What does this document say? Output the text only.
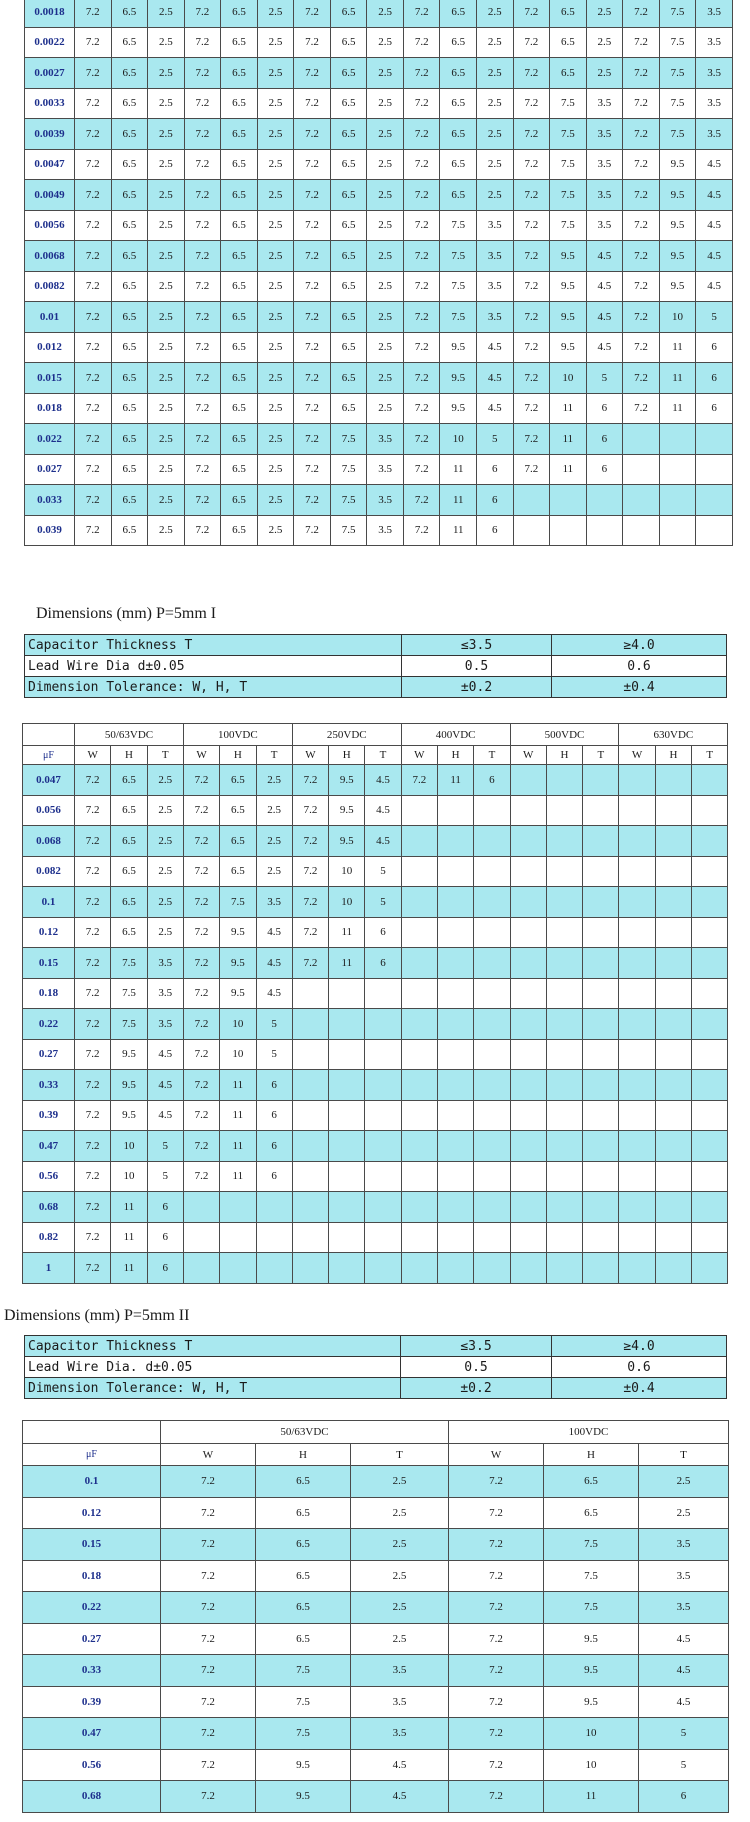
0.0018	7.2	6.5	2.5	7.2	6.5	2.5	7.2	6.5	2.5	7.2	6.5	2.5	7.2	6.5	2.5	7.2	7.5	3.5
0.0022	7.2	6.5	2.5	7.2	6.5	2.5	7.2	6.5	2.5	7.2	6.5	2.5	7.2	6.5	2.5	7.2	7.5	3.5
0.0027	7.2	6.5	2.5	7.2	6.5	2.5	7.2	6.5	2.5	7.2	6.5	2.5	7.2	6.5	2.5	7.2	7.5	3.5
0.0033	7.2	6.5	2.5	7.2	6.5	2.5	7.2	6.5	2.5	7.2	6.5	2.5	7.2	7.5	3.5	7.2	7.5	3.5
0.0039	7.2	6.5	2.5	7.2	6.5	2.5	7.2	6.5	2.5	7.2	6.5	2.5	7.2	7.5	3.5	7.2	7.5	3.5
0.0047	7.2	6.5	2.5	7.2	6.5	2.5	7.2	6.5	2.5	7.2	6.5	2.5	7.2	7.5	3.5	7.2	9.5	4.5
0.0049	7.2	6.5	2.5	7.2	6.5	2.5	7.2	6.5	2.5	7.2	6.5	2.5	7.2	7.5	3.5	7.2	9.5	4.5
0.0056	7.2	6.5	2.5	7.2	6.5	2.5	7.2	6.5	2.5	7.2	7.5	3.5	7.2	7.5	3.5	7.2	9.5	4.5
0.0068	7.2	6.5	2.5	7.2	6.5	2.5	7.2	6.5	2.5	7.2	7.5	3.5	7.2	9.5	4.5	7.2	9.5	4.5
0.0082	7.2	6.5	2.5	7.2	6.5	2.5	7.2	6.5	2.5	7.2	7.5	3.5	7.2	9.5	4.5	7.2	9.5	4.5
0.01	7.2	6.5	2.5	7.2	6.5	2.5	7.2	6.5	2.5	7.2	7.5	3.5	7.2	9.5	4.5	7.2	10	5
0.012	7.2	6.5	2.5	7.2	6.5	2.5	7.2	6.5	2.5	7.2	9.5	4.5	7.2	9.5	4.5	7.2	11	6
0.015	7.2	6.5	2.5	7.2	6.5	2.5	7.2	6.5	2.5	7.2	9.5	4.5	7.2	10	5	7.2	11	6
0.018	7.2	6.5	2.5	7.2	6.5	2.5	7.2	6.5	2.5	7.2	9.5	4.5	7.2	11	6	7.2	11	6
0.022	7.2	6.5	2.5	7.2	6.5	2.5	7.2	7.5	3.5	7.2	10	5	7.2	11	6			
0.027	7.2	6.5	2.5	7.2	6.5	2.5	7.2	7.5	3.5	7.2	11	6	7.2	11	6			
0.033	7.2	6.5	2.5	7.2	6.5	2.5	7.2	7.5	3.5	7.2	11	6						
0.039	7.2	6.5	2.5	7.2	6.5	2.5	7.2	7.5	3.5	7.2	11	6						
Dimensions (mm) P=5mm I
Capacitor Thickness T	≤3.5	≥4.0
Lead Wire Dia d±0.05	0.5	0.6
Dimension Tolerance: W, H, T	±0.2	±0.4
	50/63VDC			100VDC			250VDC			400VDC			500VDC			630VDC		
μF	W	H	T	W	H	T	W	H	T	W	H	T	W	H	T	W	H	T
0.047	7.2	6.5	2.5	7.2	6.5	2.5	7.2	9.5	4.5	7.2	11	6						
0.056	7.2	6.5	2.5	7.2	6.5	2.5	7.2	9.5	4.5									
0.068	7.2	6.5	2.5	7.2	6.5	2.5	7.2	9.5	4.5									
0.082	7.2	6.5	2.5	7.2	6.5	2.5	7.2	10	5									
0.1	7.2	6.5	2.5	7.2	7.5	3.5	7.2	10	5									
0.12	7.2	6.5	2.5	7.2	9.5	4.5	7.2	11	6									
0.15	7.2	7.5	3.5	7.2	9.5	4.5	7.2	11	6									
0.18	7.2	7.5	3.5	7.2	9.5	4.5												
0.22	7.2	7.5	3.5	7.2	10	5												
0.27	7.2	9.5	4.5	7.2	10	5												
0.33	7.2	9.5	4.5	7.2	11	6												
0.39	7.2	9.5	4.5	7.2	11	6												
0.47	7.2	10	5	7.2	11	6												
0.56	7.2	10	5	7.2	11	6												
0.68	7.2	11	6															
0.82	7.2	11	6															
1	7.2	11	6															
Dimensions (mm) P=5mm II
Capacitor Thickness T	≤3.5	≥4.0
Lead Wire Dia. d±0.05	0.5	0.6
Dimension Tolerance: W, H, T	±0.2	±0.4
	50/63VDC			100VDC		
μF	W	H	T	W	H	T
0.1	7.2	6.5	2.5	7.2	6.5	2.5
0.12	7.2	6.5	2.5	7.2	6.5	2.5
0.15	7.2	6.5	2.5	7.2	7.5	3.5
0.18	7.2	6.5	2.5	7.2	7.5	3.5
0.22	7.2	6.5	2.5	7.2	7.5	3.5
0.27	7.2	6.5	2.5	7.2	9.5	4.5
0.33	7.2	7.5	3.5	7.2	9.5	4.5
0.39	7.2	7.5	3.5	7.2	9.5	4.5
0.47	7.2	7.5	3.5	7.2	10	5
0.56	7.2	9.5	4.5	7.2	10	5
0.68	7.2	9.5	4.5	7.2	11	6
